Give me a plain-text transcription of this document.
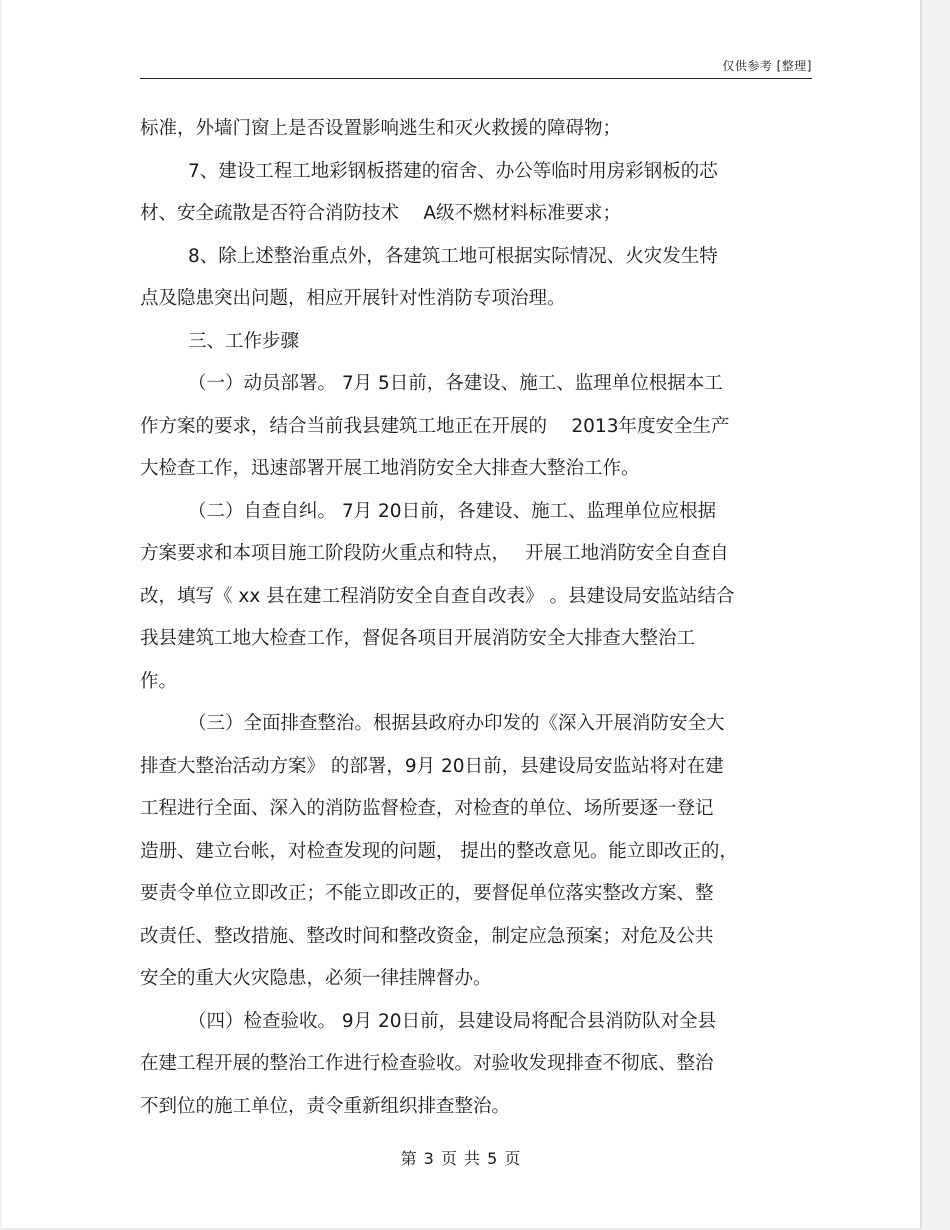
仅供参考 [整理]
标准，外墙门窗上是否设置影响逃生和灭火救援的障碍物；
7、建设工程工地彩钢板搭建的宿舍、办公等临时用房彩钢板的芯
材、安全疏散是否符合消防技术　 A级不燃材料标准要求；
8、除上述整治重点外，各建筑工地可根据实际情况、火灾发生特
点及隐患突出问题，相应开展针对性消防专项治理。
三、工作步骤
（一）动员部署。 7月 5日前，各建设、施工、监理单位根据本工
作方案的要求，结合当前我县建筑工地正在开展的　 2013年度安全生产
大检查工作，迅速部署开展工地消防安全大排查大整治工作。
（二）自查自纠。 7月 20日前，各建设、施工、监理单位应根据
方案要求和本项目施工阶段防火重点和特点，　 开展工地消防安全自查自
改，填写《 xx 县在建工程消防安全自查自改表》 。县建设局安监站结合
我县建筑工地大检查工作，督促各项目开展消防安全大排查大整治工
作。
（三）全面排查整治。根据县政府办印发的《深入开展消防安全大
排查大整治活动方案》 的部署，9月 20日前，县建设局安监站将对在建
工程进行全面、深入的消防监督检查，对检查的单位、场所要逐一登记
造册、建立台帐，对检查发现的问题， 提出的整改意见。能立即改正的，
要责令单位立即改正；不能立即改正的，要督促单位落实整改方案、整
改责任、整改措施、整改时间和整改资金，制定应急预案；对危及公共
安全的重大火灾隐患，必须一律挂牌督办。
（四）检查验收。 9月 20日前，县建设局将配合县消防队对全县
在建工程开展的整治工作进行检查验收。对验收发现排查不彻底、整治
不到位的施工单位，责令重新组织排查整治。
第 3 页 共 5 页
